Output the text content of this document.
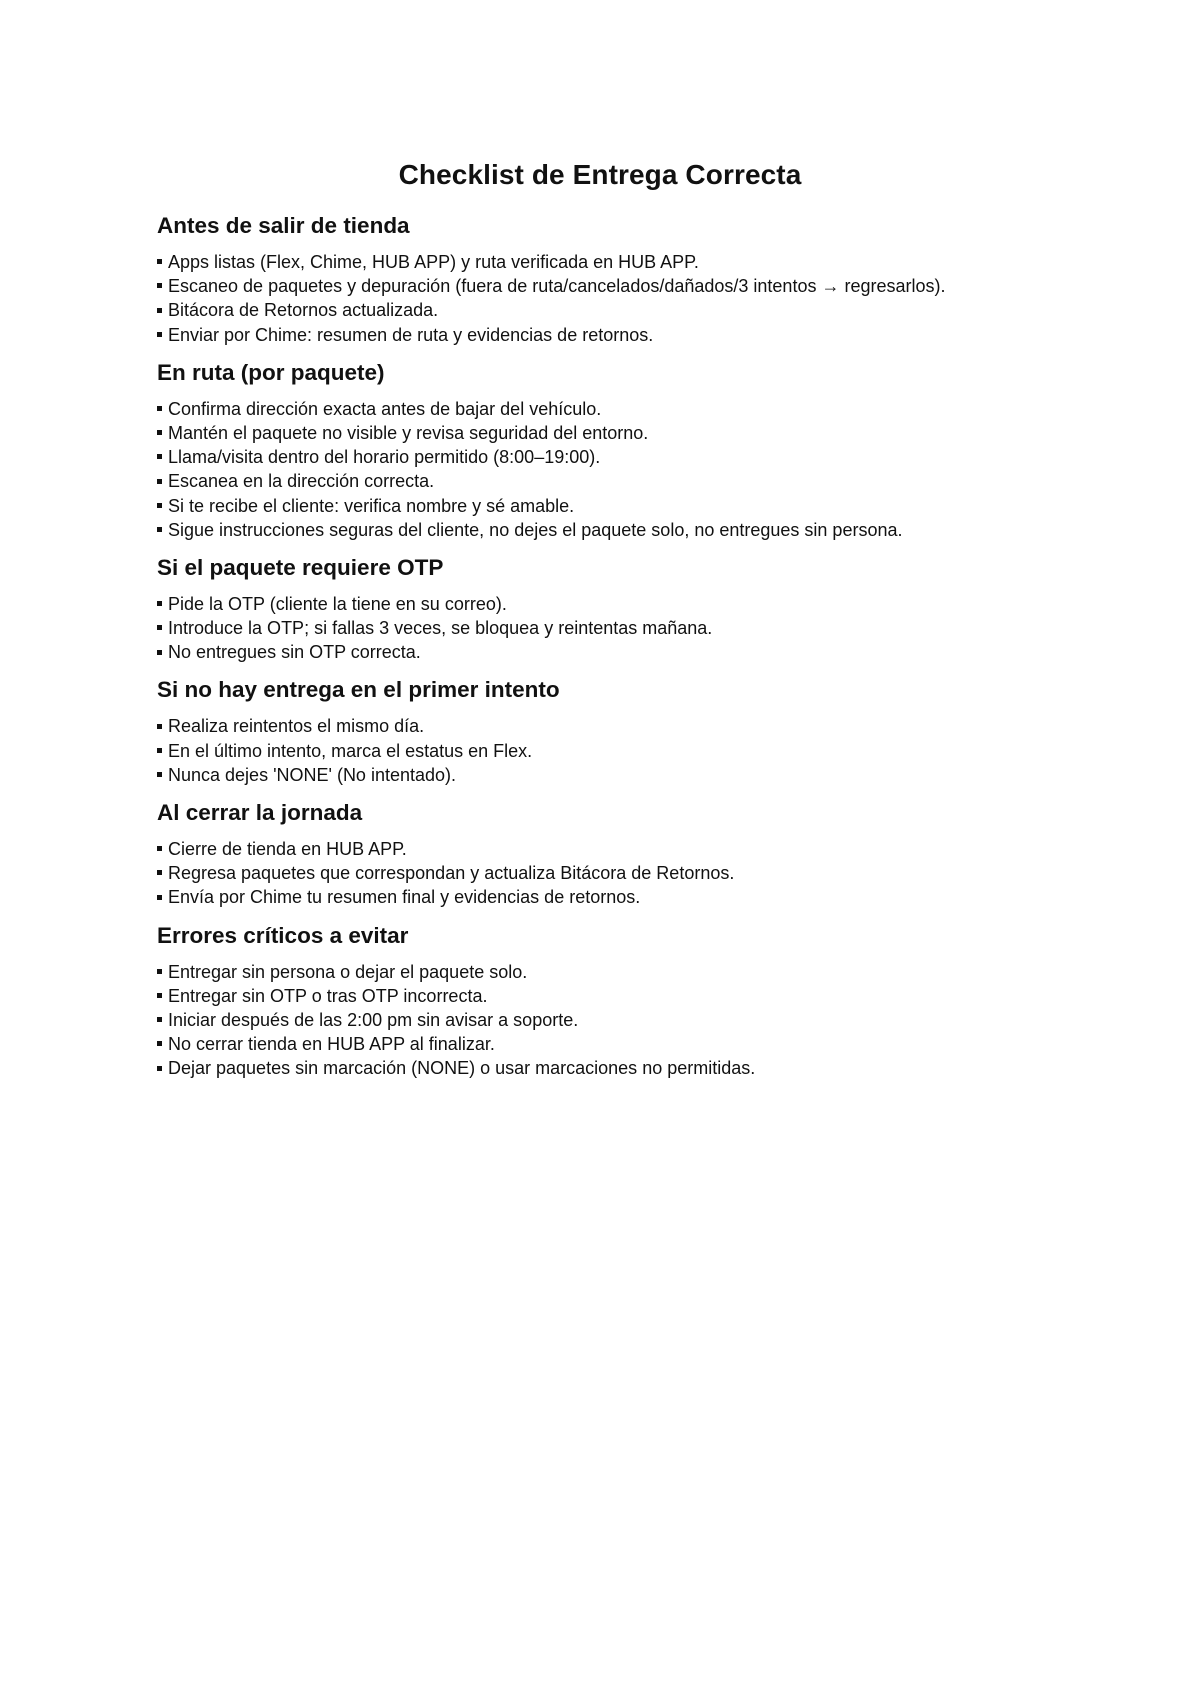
Checklist de Entrega Correcta
Antes de salir de tienda
Apps listas (Flex, Chime, HUB APP) y ruta verificada en HUB APP.
Escaneo de paquetes y depuración (fuera de ruta/cancelados/dañados/3 intentos → regresarlos).
Bitácora de Retornos actualizada.
Enviar por Chime: resumen de ruta y evidencias de retornos.
En ruta (por paquete)
Confirma dirección exacta antes de bajar del vehículo.
Mantén el paquete no visible y revisa seguridad del entorno.
Llama/visita dentro del horario permitido (8:00–19:00).
Escanea en la dirección correcta.
Si te recibe el cliente: verifica nombre y sé amable.
Sigue instrucciones seguras del cliente, no dejes el paquete solo, no entregues sin persona.
Si el paquete requiere OTP
Pide la OTP (cliente la tiene en su correo).
Introduce la OTP; si fallas 3 veces, se bloquea y reintentas mañana.
No entregues sin OTP correcta.
Si no hay entrega en el primer intento
Realiza reintentos el mismo día.
En el último intento, marca el estatus en Flex.
Nunca dejes 'NONE' (No intentado).
Al cerrar la jornada
Cierre de tienda en HUB APP.
Regresa paquetes que correspondan y actualiza Bitácora de Retornos.
Envía por Chime tu resumen final y evidencias de retornos.
Errores críticos a evitar
Entregar sin persona o dejar el paquete solo.
Entregar sin OTP o tras OTP incorrecta.
Iniciar después de las 2:00 pm sin avisar a soporte.
No cerrar tienda en HUB APP al finalizar.
Dejar paquetes sin marcación (NONE) o usar marcaciones no permitidas.
